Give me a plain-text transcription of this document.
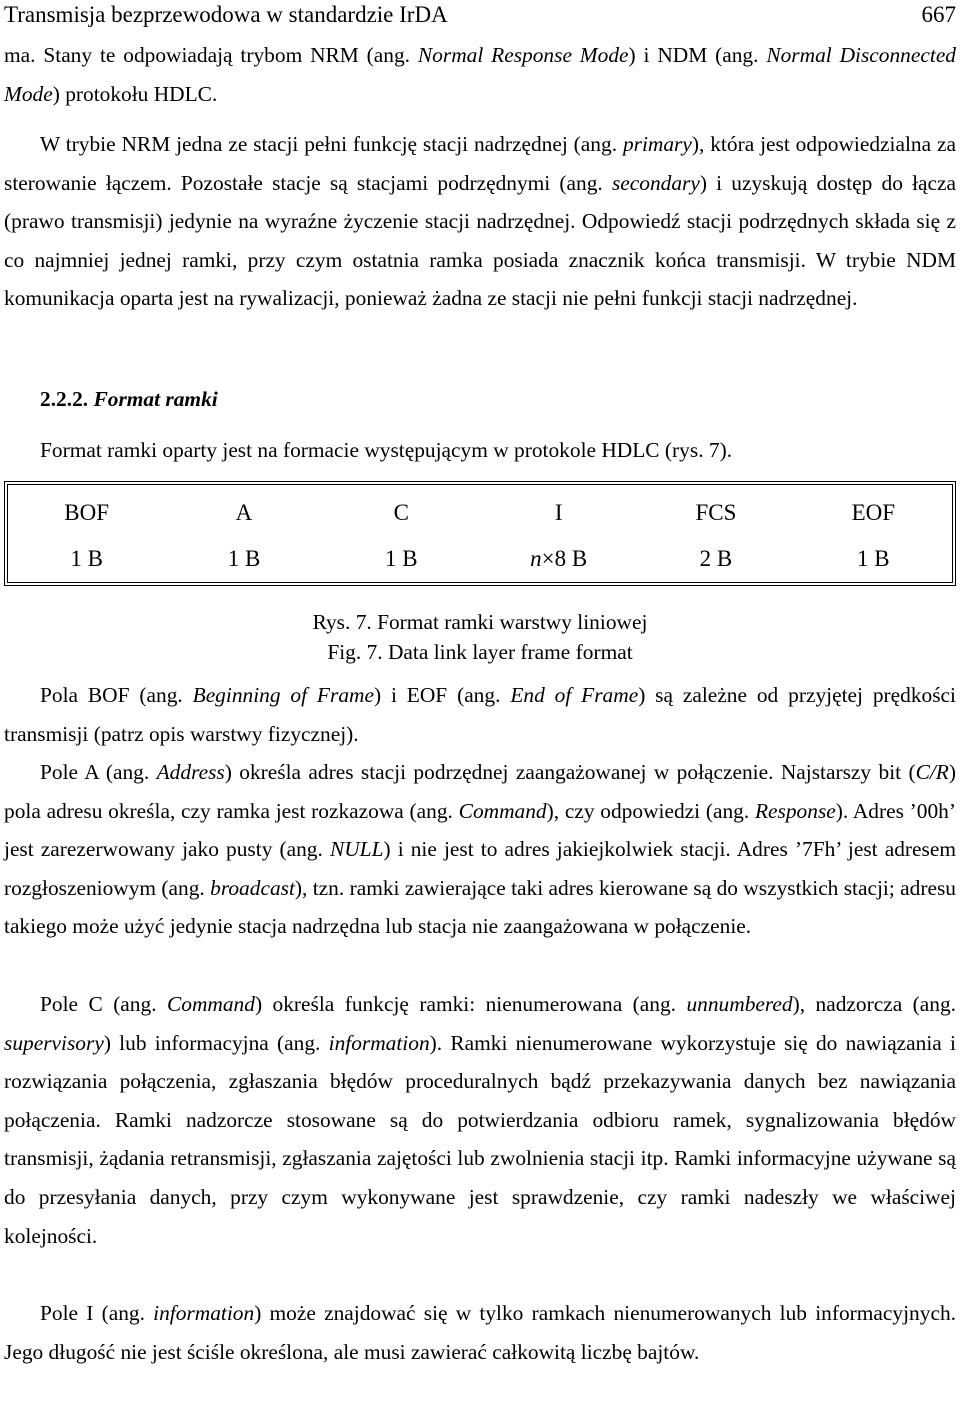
Transmisja bezprzewodowa w standardzie IrDA	667

ma. Stany te odpowiadają trybom NRM (ang. Normal Response Mode) i NDM (ang. Normal Disconnected Mode) protokołu HDLC.

W trybie NRM jedna ze stacji pełni funkcję stacji nadrzędnej (ang. primary), która jest odpowiedzialna za sterowanie łączem. Pozostałe stacje są stacjami podrzędnymi (ang. secondary) i uzyskują dostęp do łącza (prawo transmisji) jedynie na wyraźne życzenie stacji nadrzędnej. Odpowiedź stacji podrzędnych składa się z co najmniej jednej ramki, przy czym ostatnia ramka posiada znacznik końca transmisji. W trybie NDM komunikacja oparta jest na rywalizacji, ponieważ żadna ze stacji nie pełni funkcji stacji nadrzędnej.

2.2.2. Format ramki

Format ramki oparty jest na formacie występującym w protokole HDLC (rys. 7).

BOF	A	C	I	FCS	EOF
1 B	1 B	1 B	n×8 B	2 B	1 B

Rys. 7. Format ramki warstwy liniowej

Fig. 7. Data link layer frame format

Pola BOF (ang. Beginning of Frame) i EOF (ang. End of Frame) są zależne od przyjętej prędkości transmisji (patrz opis warstwy fizycznej).

Pole A (ang. Address) określa adres stacji podrzędnej zaangażowanej w połączenie. Najstarszy bit (C/R) pola adresu określa, czy ramka jest rozkazowa (ang. Command), czy odpowiedzi (ang. Response). Adres ’00h’ jest zarezerwowany jako pusty (ang. NULL) i nie jest to adres jakiejkolwiek stacji. Adres ’7Fh’ jest adresem rozgłoszeniowym (ang. broadcast), tzn. ramki zawierające taki adres kierowane są do wszystkich stacji; adresu takiego może użyć jedynie stacja nadrzędna lub stacja nie zaangażowana w połączenie.

Pole C (ang. Command) określa funkcję ramki: nienumerowana (ang. unnumbered), nadzorcza (ang. supervisory) lub informacyjna (ang. information). Ramki nienumerowane wykorzystuje się do nawiązania i rozwiązania połączenia, zgłaszania błędów proceduralnych bądź przekazywania danych bez nawiązania połączenia. Ramki nadzorcze stosowane są do potwierdzania odbioru ramek, sygnalizowania błędów transmisji, żądania retransmisji, zgłaszania zajętości lub zwolnienia stacji itp. Ramki informacyjne używane są do przesyłania danych, przy czym wykonywane jest sprawdzenie, czy ramki nadeszły we właściwej kolejności.

Pole I (ang. information) może znajdować się w tylko ramkach nienumerowanych lub informacyjnych. Jego długość nie jest ściśle określona, ale musi zawierać całkowitą liczbę bajtów.
